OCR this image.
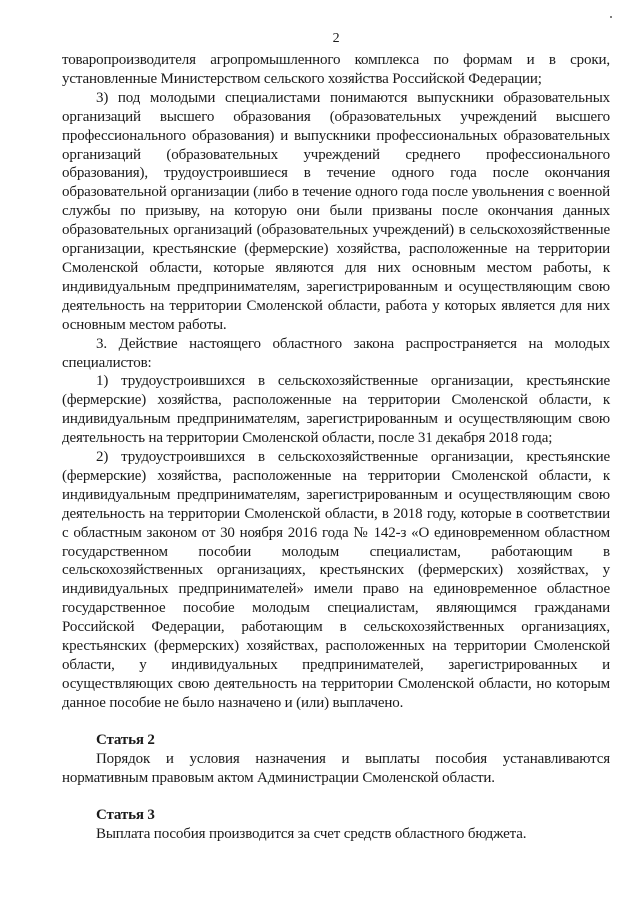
2

товаропроизводителя агропромышленного комплекса по формам и в сроки, установленные Министерством сельского хозяйства Российской Федерации;

3) под молодыми специалистами понимаются выпускники образовательных организаций высшего образования (образовательных учреждений высшего профессионального образования) и выпускники профессиональных образовательных организаций (образовательных учреждений среднего профессионального образования), трудоустроившиеся в течение одного года после окончания образовательной организации (либо в течение одного года после увольнения с военной службы по призыву, на которую они были призваны после окончания данных образовательных организаций (образовательных учреждений) в сельскохозяйственные организации, крестьянские (фермерские) хозяйства, расположенные на территории Смоленской области, которые являются для них основным местом работы, к индивидуальным предпринимателям, зарегистрированным и осуществляющим свою деятельность на территории Смоленской области, работа у которых является для них основным местом работы.

3. Действие настоящего областного закона распространяется на молодых специалистов:

1) трудоустроившихся в сельскохозяйственные организации, крестьянские (фермерские) хозяйства, расположенные на территории Смоленской области, к индивидуальным предпринимателям, зарегистрированным и осуществляющим свою деятельность на территории Смоленской области, после 31 декабря 2018 года;

2) трудоустроившихся в сельскохозяйственные организации, крестьянские (фермерские) хозяйства, расположенные на территории Смоленской области, к индивидуальным предпринимателям, зарегистрированным и осуществляющим свою деятельность на территории Смоленской области, в 2018 году, которые в соответствии с областным законом от 30 ноября 2016 года № 142-з «О единовременном областном государственном пособии молодым специалистам, работающим в сельскохозяйственных организациях, крестьянских (фермерских) хозяйствах, у индивидуальных предпринимателей» имели право на единовременное областное государственное пособие молодым специалистам, являющимся гражданами Российской Федерации, работающим в сельскохозяйственных организациях, крестьянских (фермерских) хозяйствах, расположенных на территории Смоленской области, у индивидуальных предпринимателей, зарегистрированных и осуществляющих свою деятельность на территории Смоленской области, но которым данное пособие не было назначено и (или) выплачено.

Статья 2

Порядок и условия назначения и выплаты пособия устанавливаются нормативным правовым актом Администрации Смоленской области.

Статья 3

Выплата пособия производится за счет средств областного бюджета.
